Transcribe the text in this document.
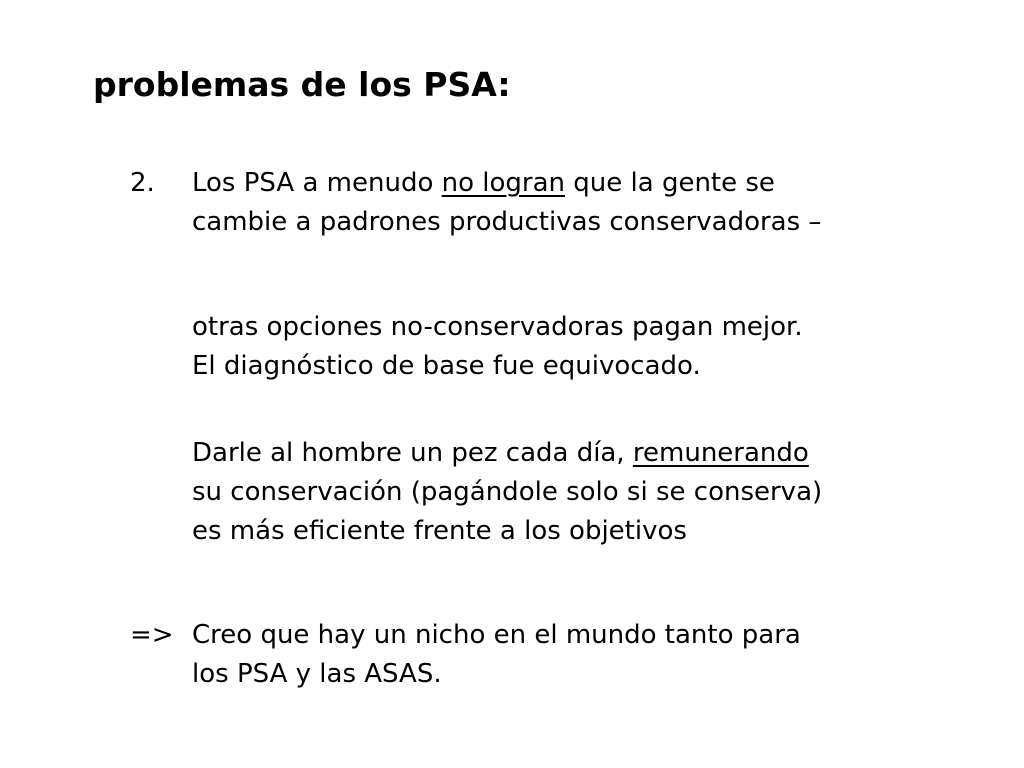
problemas de los PSA:
2.	Los PSA a menudo no logran que la gente se
cambie a padrones productivas conservadoras –
otras opciones no-conservadoras pagan mejor.
El diagnóstico de base fue equivocado.
Darle al hombre un pez cada día, remunerando
su conservación (pagándole solo si se conserva)
es más eficiente frente a los objetivos
=> Creo que hay un nicho en el mundo tanto para
los PSA y las ASAS.
